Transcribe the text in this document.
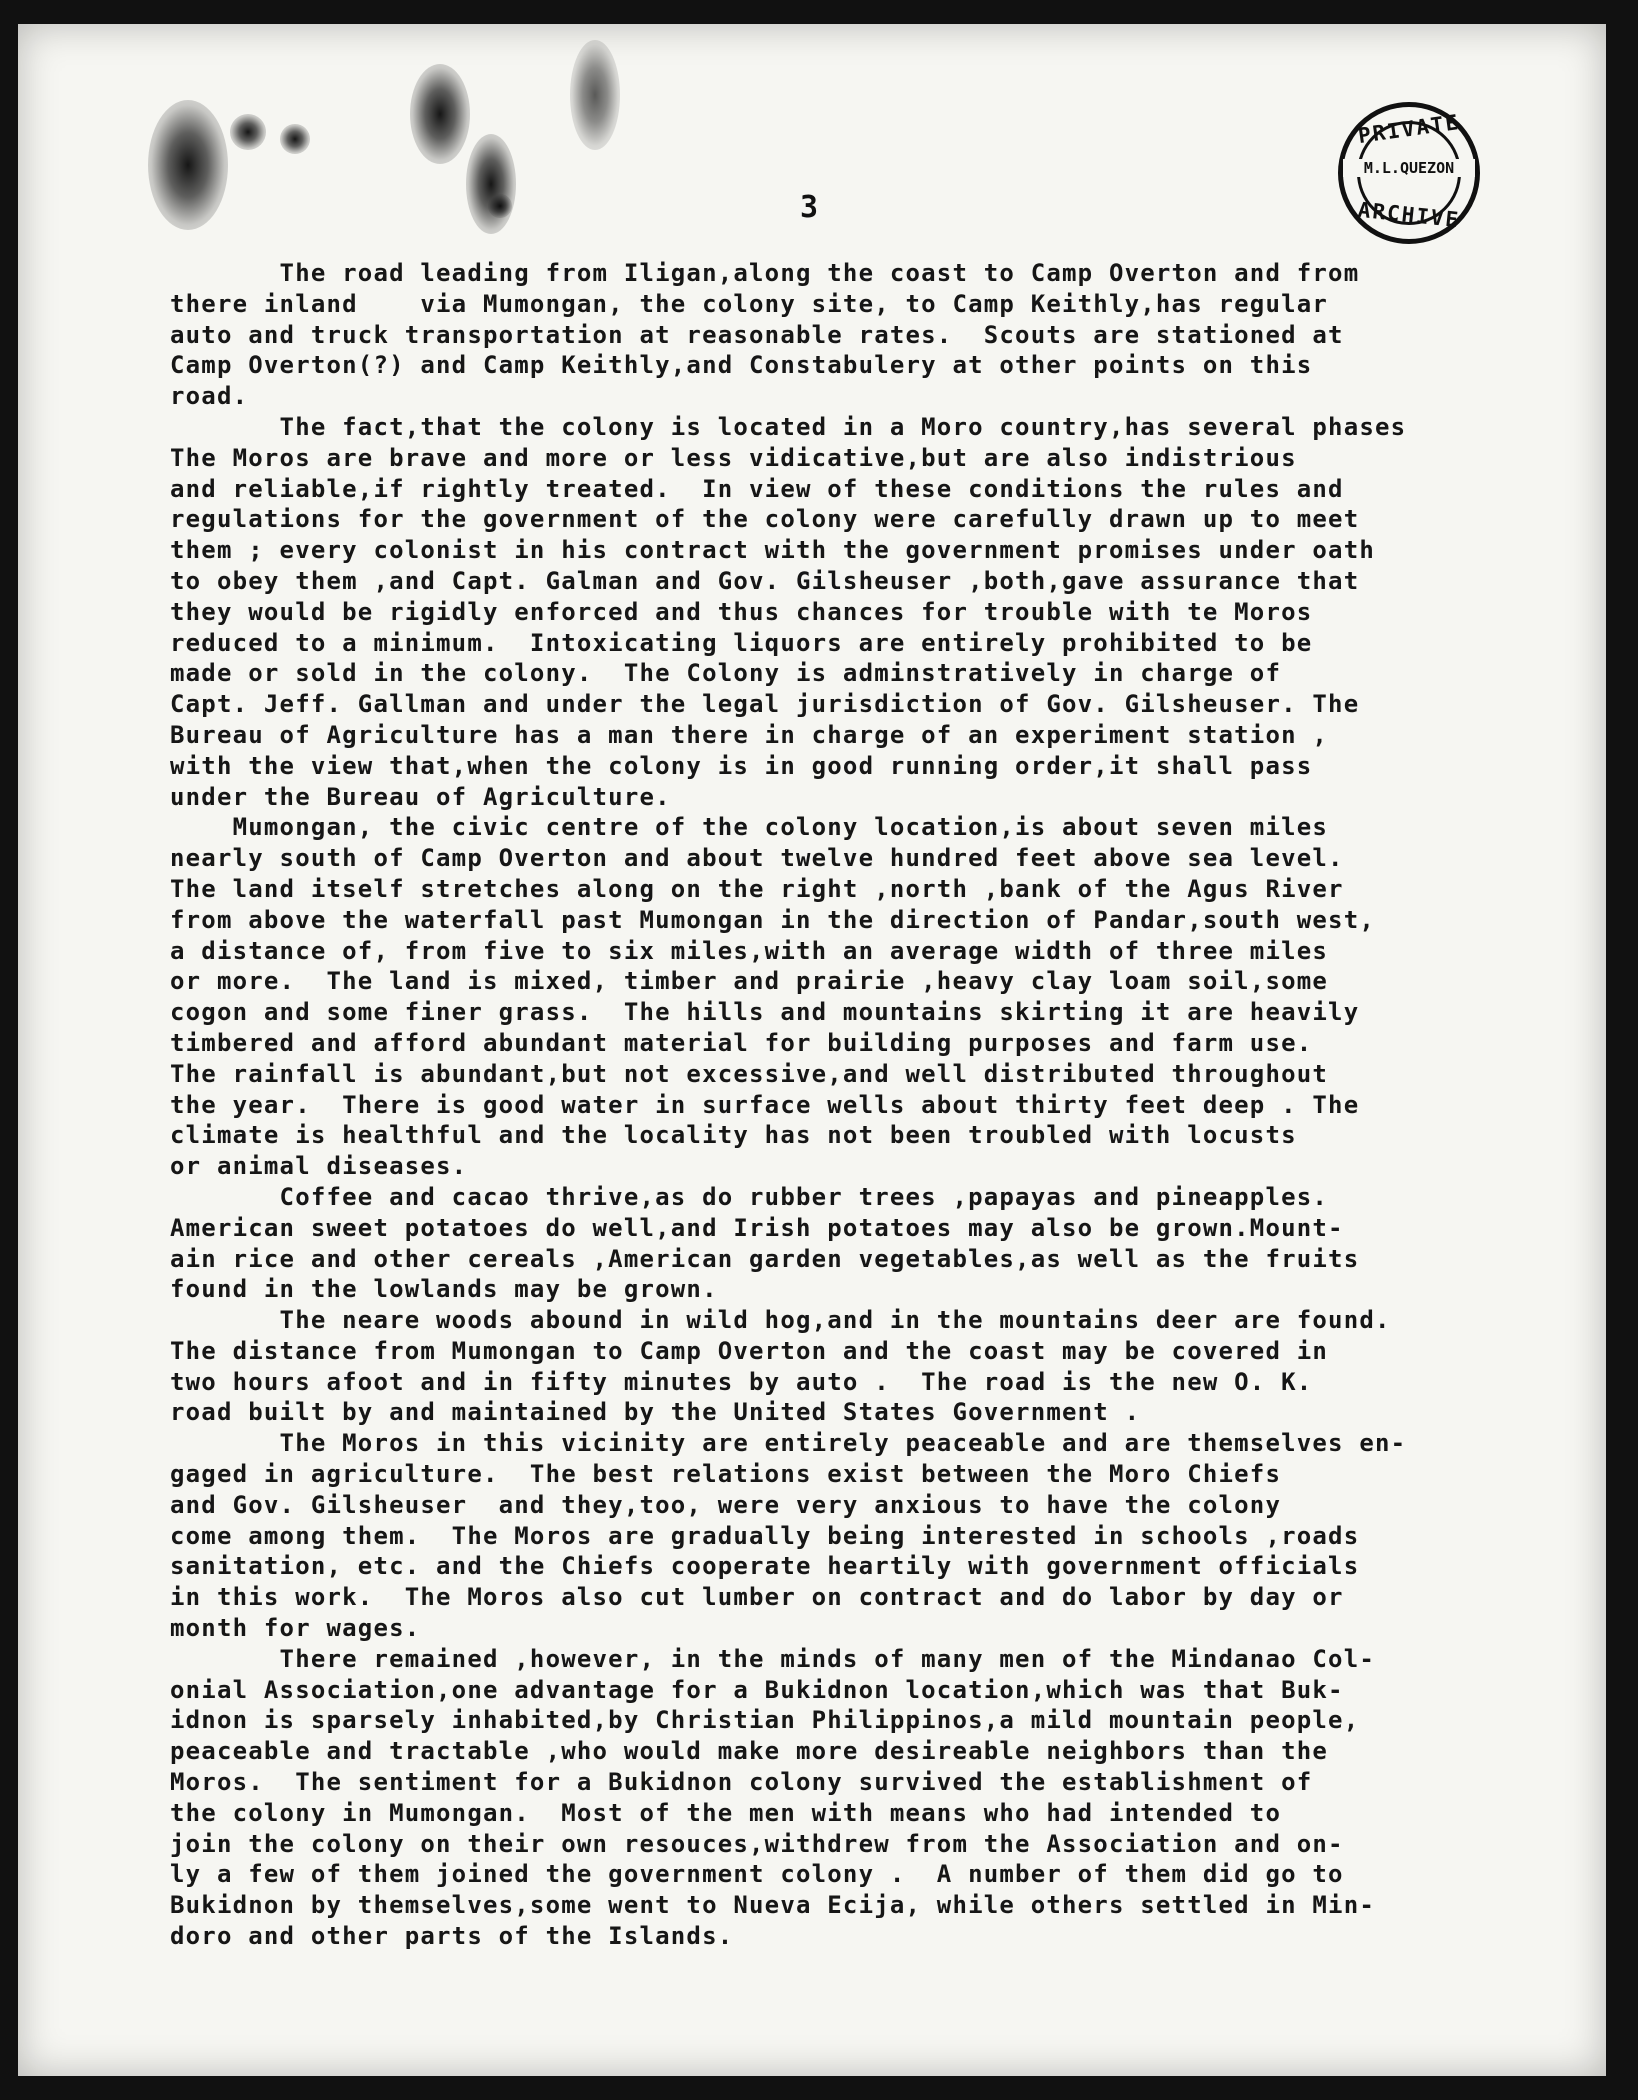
PRIVATE
M.L.QUEZON
ARCHIVE
3
The road leading from Iligan,along the coast to Camp Overton and from
there inland    via Mumongan, the colony site, to Camp Keithly,has regular
auto and truck transportation at reasonable rates.  Scouts are stationed at
Camp Overton(?) and Camp Keithly,and Constabulery at other points on this
road.
The fact,that the colony is located in a Moro country,has several phases
The Moros are brave and more or less vidicative,but are also indistrious
and reliable,if rightly treated.  In view of these conditions the rules and
regulations for the government of the colony were carefully drawn up to meet
them ; every colonist in his contract with the government promises under oath
to obey them ,and Capt. Galman and Gov. Gilsheuser ,both,gave assurance that
they would be rigidly enforced and thus chances for trouble with te Moros
reduced to a minimum.  Intoxicating liquors are entirely prohibited to be
made or sold in the colony.  The Colony is adminstratively in charge of
Capt. Jeff. Gallman and under the legal jurisdiction of Gov. Gilsheuser. The
Bureau of Agriculture has a man there in charge of an experiment station ,
with the view that,when the colony is in good running order,it shall pass
under the Bureau of Agriculture.
Mumongan, the civic centre of the colony location,is about seven miles
nearly south of Camp Overton and about twelve hundred feet above sea level.
The land itself stretches along on the right ,north ,bank of the Agus River
from above the waterfall past Mumongan in the direction of Pandar,south west,
a distance of, from five to six miles,with an average width of three miles
or more.  The land is mixed, timber and prairie ,heavy clay loam soil,some
cogon and some finer grass.  The hills and mountains skirting it are heavily
timbered and afford abundant material for building purposes and farm use.
The rainfall is abundant,but not excessive,and well distributed throughout
the year.  There is good water in surface wells about thirty feet deep . The
climate is healthful and the locality has not been troubled with locusts
or animal diseases.
Coffee and cacao thrive,as do rubber trees ,papayas and pineapples.
American sweet potatoes do well,and Irish potatoes may also be grown.Mount-
ain rice and other cereals ,American garden vegetables,as well as the fruits
found in the lowlands may be grown.
The neare woods abound in wild hog,and in the mountains deer are found.
The distance from Mumongan to Camp Overton and the coast may be covered in
two hours afoot and in fifty minutes by auto .  The road is the new O. K.
road built by and maintained by the United States Government .
The Moros in this vicinity are entirely peaceable and are themselves en-
gaged in agriculture.  The best relations exist between the Moro Chiefs
and Gov. Gilsheuser  and they,too, were very anxious to have the colony
come among them.  The Moros are gradually being interested in schools ,roads
sanitation, etc. and the Chiefs cooperate heartily with government officials
in this work.  The Moros also cut lumber on contract and do labor by day or
month for wages.
There remained ,however, in the minds of many men of the Mindanao Col-
onial Association,one advantage for a Bukidnon location,which was that Buk-
idnon is sparsely inhabited,by Christian Philippinos,a mild mountain people,
peaceable and tractable ,who would make more desireable neighbors than the
Moros.  The sentiment for a Bukidnon colony survived the establishment of
the colony in Mumongan.  Most of the men with means who had intended to
join the colony on their own resouces,withdrew from the Association and on-
ly a few of them joined the government colony .  A number of them did go to
Bukidnon by themselves,some went to Nueva Ecija, while others settled in Min-
doro and other parts of the Islands.
